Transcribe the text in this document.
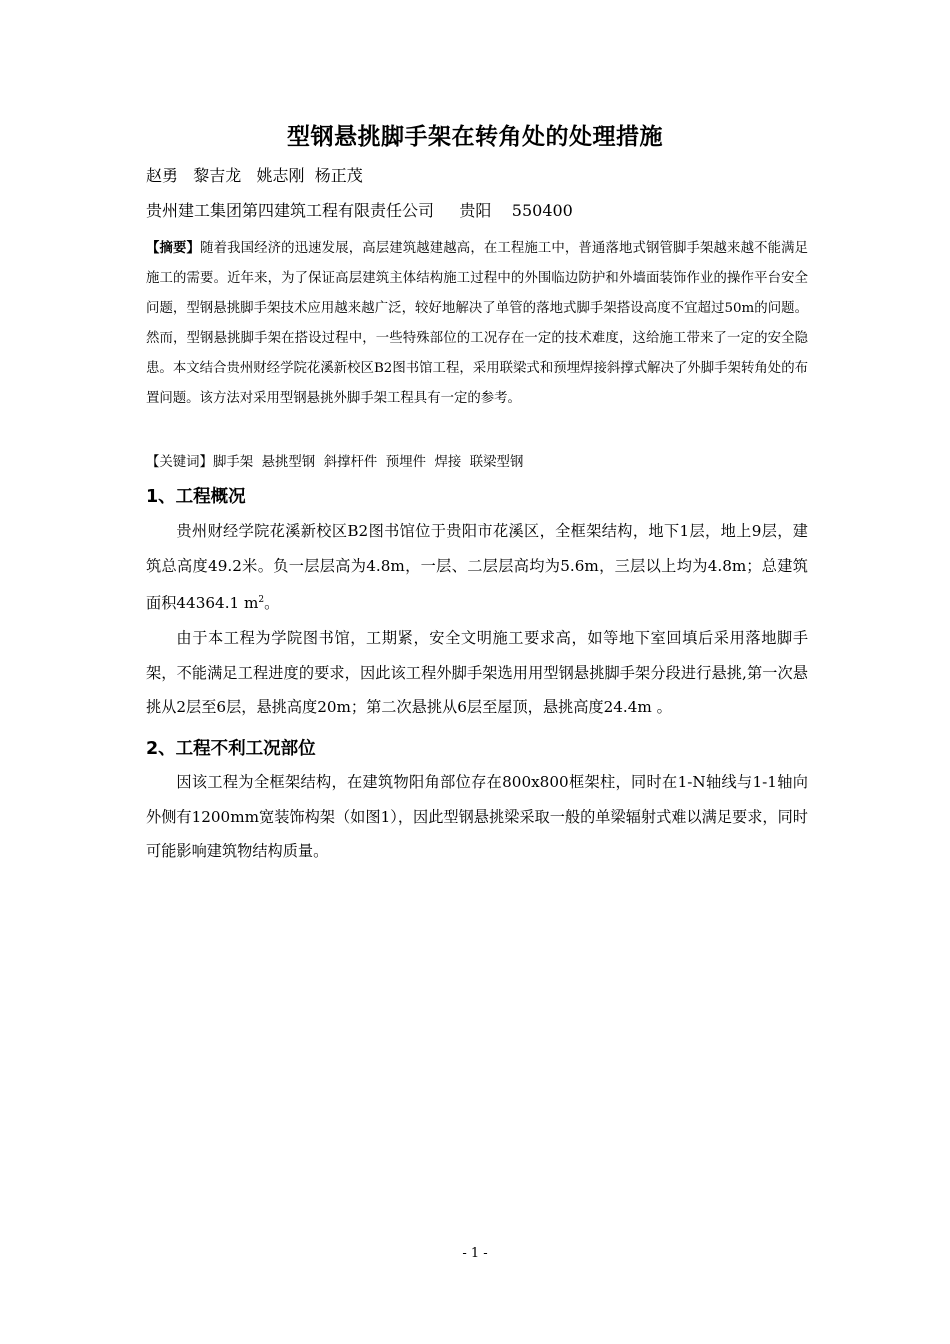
型钢悬挑脚手架在转角处的处理措施
赵勇   黎吉龙   姚志刚  杨正茂
贵州建工集团第四建筑工程有限责任公司     贵阳    550400
【摘要】随着我国经济的迅速发展，高层建筑越建越高，在工程施工中，普通落地式钢管脚手架越来越不能满足施工的需要。近年来，为了保证高层建筑主体结构施工过程中的外围临边防护和外墙面装饰作业的操作平台安全问题，型钢悬挑脚手架技术应用越来越广泛，较好地解决了单管的落地式脚手架搭设高度不宜超过50m的问题。然而，型钢悬挑脚手架在搭设过程中，一些特殊部位的工况存在一定的技术难度，这给施工带来了一定的安全隐患。本文结合贵州财经学院花溪新校区B2图书馆工程，采用联梁式和预埋焊接斜撑式解决了外脚手架转角处的布置问题。该方法对采用型钢悬挑外脚手架工程具有一定的参考。
【关键词】脚手架  悬挑型钢  斜撑杆件  预埋件  焊接  联梁型钢
1、工程概况
贵州财经学院花溪新校区B2图书馆位于贵阳市花溪区，全框架结构，地下1层，地上9层，建筑总高度49.2米。负一层层高为4.8m，一层、二层层高均为5.6m，三层以上均为4.8m；总建筑面积44364.1 $m^2$。
由于本工程为学院图书馆，工期紧，安全文明施工要求高，如等地下室回填后采用落地脚手架，不能满足工程进度的要求，因此该工程外脚手架选用用型钢悬挑脚手架分段进行悬挑,第一次悬挑从2层至6层，悬挑高度20m；第二次悬挑从6层至屋顶，悬挑高度24.4m 。
2、工程不利工况部位
因该工程为全框架结构，在建筑物阳角部位存在800x800框架柱，同时在1-N轴线与1-1轴向外侧有1200mm宽装饰构架（如图1），因此型钢悬挑梁采取一般的单梁辐射式难以满足要求，同时可能影响建筑物结构质量。
- 1 -
